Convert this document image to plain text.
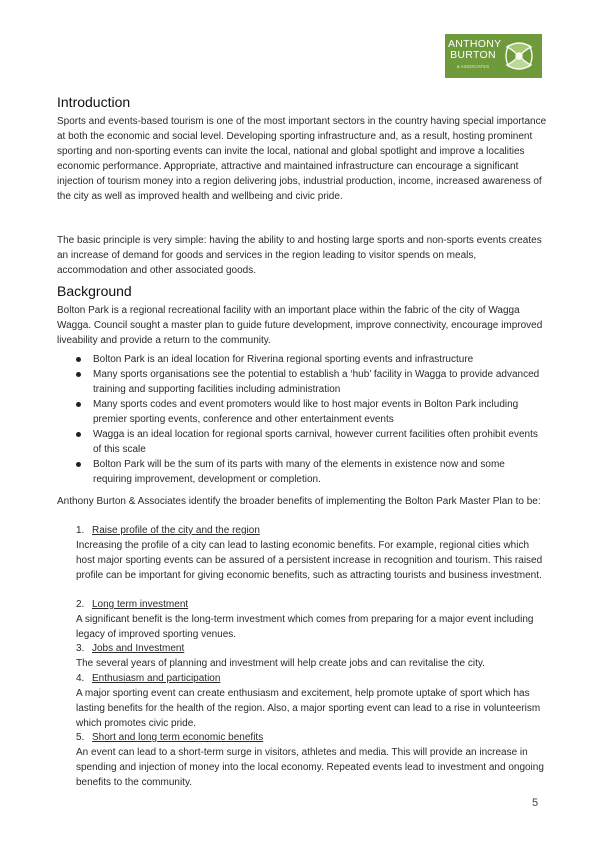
ANTHONY
BURTON
& ASSOCIATES
Introduction

Sports and events-based tourism is one of the most important sectors in the country having special importance at both the economic and social level. Developing sporting infrastructure and, as a result, hosting prominent sporting and non-sporting events can invite the local, national and global spotlight and improve a localities economic performance. Appropriate, attractive and maintained infrastructure can encourage a significant injection of tourism money into a region delivering jobs, industrial production, income, increased awareness of the city as well as improved health and wellbeing and civic pride.

The basic principle is very simple: having the ability to and hosting large sports and non-sports events creates an increase of demand for goods and services in the region leading to visitor spends on meals, accommodation and other associated goods.

Background

Bolton Park is a regional recreational facility with an important place within the fabric of the city of Wagga Wagga. Council sought a master plan to guide future development, improve connectivity, encourage improved liveability and provide a return to the community.

Bolton Park is an ideal location for Riverina regional sporting events and infrastructure
Many sports organisations see the potential to establish a ‘hub’ facility in Wagga to provide advanced training and supporting facilities including administration
Many sports codes and event promoters would like to host major events in Bolton Park including premier sporting events, conference and other entertainment events
Wagga is an ideal location for regional sports carnival, however current facilities often prohibit events of this scale
Bolton Park will be the sum of its parts with many of the elements in existence now and some requiring improvement, development or completion.

Anthony Burton & Associates identify the broader benefits of implementing the Bolton Park Master Plan to be:

1. Raise profile of the city and the region

Increasing the profile of a city can lead to lasting economic benefits. For example, regional cities which host major sporting events can be assured of a persistent increase in recognition and tourism. This raised profile can be important for giving economic benefits, such as attracting tourists and business investment.

2. Long term investment

A significant benefit is the long-term investment which comes from preparing for a major event including legacy of improved sporting venues.

3. Jobs and Investment

The several years of planning and investment will help create jobs and can revitalise the city.

4. Enthusiasm and participation

A major sporting event can create enthusiasm and excitement, help promote uptake of sport which has lasting benefits for the health of the region. Also, a major sporting event can lead to a rise in volunteerism which promotes civic pride.

5. Short and long term economic benefits

An event can lead to a short-term surge in visitors, athletes and media. This will provide an increase in spending and injection of money into the local economy. Repeated events lead to investment and ongoing benefits to the community.

5
